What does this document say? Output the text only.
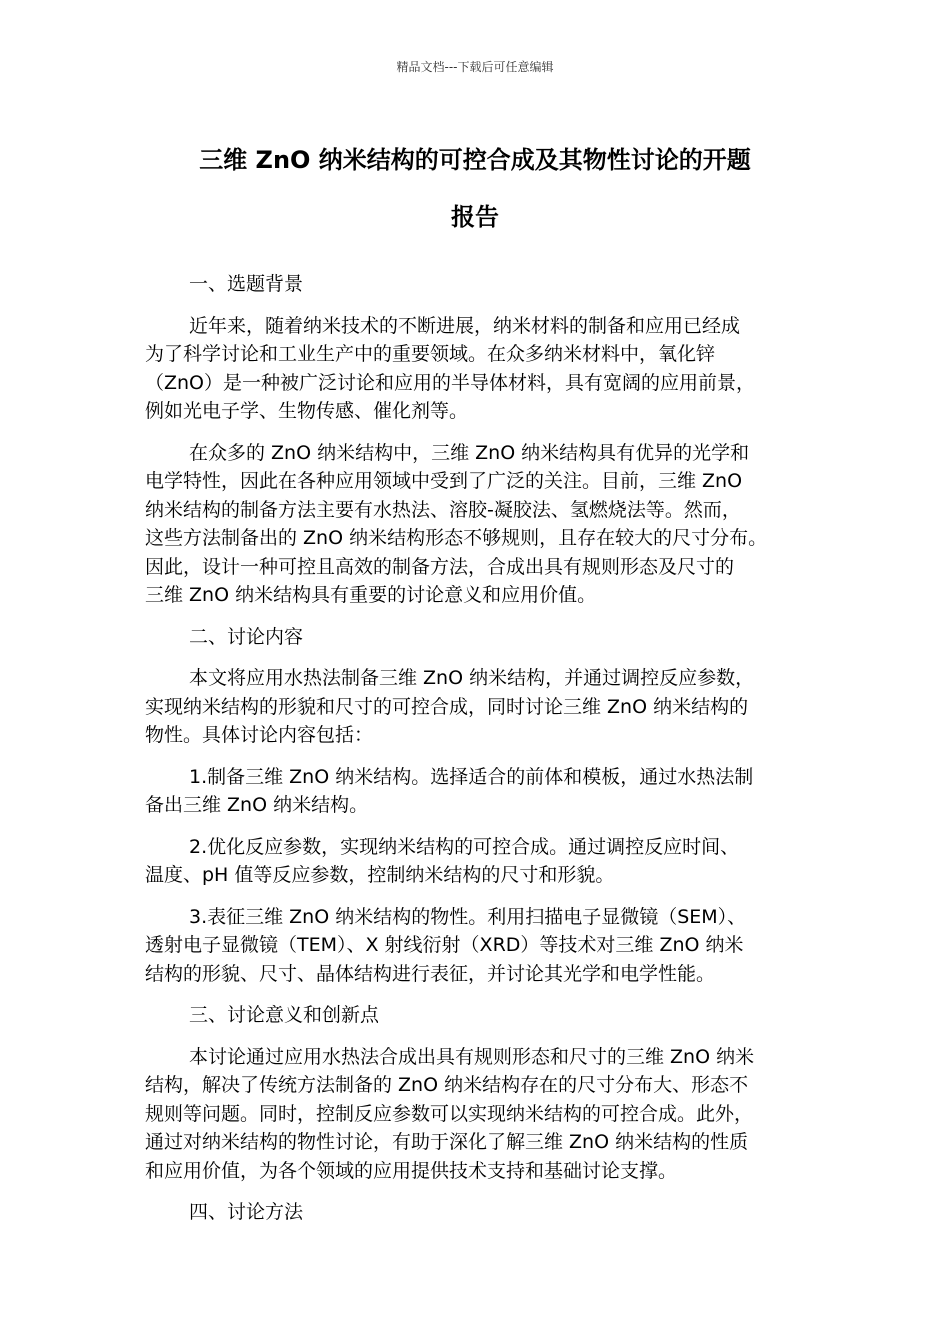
精品文档---下载后可任意编辑
三维 ZnO 纳米结构的可控合成及其物性讨论的开题
报告
一、选题背景

近年来，随着纳米技术的不断进展，纳米材料的制备和应用已经成
为了科学讨论和工业生产中的重要领域。在众多纳米材料中，氧化锌
（ZnO）是一种被广泛讨论和应用的半导体材料，具有宽阔的应用前景，
例如光电子学、生物传感、催化剂等。

在众多的 ZnO 纳米结构中，三维 ZnO 纳米结构具有优异的光学和
电学特性，因此在各种应用领域中受到了广泛的关注。目前，三维 ZnO
纳米结构的制备方法主要有水热法、溶胶-凝胶法、氢燃烧法等。然而，
这些方法制备出的 ZnO 纳米结构形态不够规则，且存在较大的尺寸分布。
因此，设计一种可控且高效的制备方法，合成出具有规则形态及尺寸的
三维 ZnO 纳米结构具有重要的讨论意义和应用价值。

二、讨论内容

本文将应用水热法制备三维 ZnO 纳米结构，并通过调控反应参数，
实现纳米结构的形貌和尺寸的可控合成，同时讨论三维 ZnO 纳米结构的
物性。具体讨论内容包括：

1.制备三维 ZnO 纳米结构。选择适合的前体和模板，通过水热法制
备出三维 ZnO 纳米结构。

2.优化反应参数，实现纳米结构的可控合成。通过调控反应时间、
温度、pH 值等反应参数，控制纳米结构的尺寸和形貌。

3.表征三维 ZnO 纳米结构的物性。利用扫描电子显微镜（SEM）、
透射电子显微镜（TEM）、X 射线衍射（XRD）等技术对三维 ZnO 纳米
结构的形貌、尺寸、晶体结构进行表征，并讨论其光学和电学性能。

三、讨论意义和创新点

本讨论通过应用水热法合成出具有规则形态和尺寸的三维 ZnO 纳米
结构，解决了传统方法制备的 ZnO 纳米结构存在的尺寸分布大、形态不
规则等问题。同时，控制反应参数可以实现纳米结构的可控合成。此外，
通过对纳米结构的物性讨论，有助于深化了解三维 ZnO 纳米结构的性质
和应用价值，为各个领域的应用提供技术支持和基础讨论支撑。

四、讨论方法
